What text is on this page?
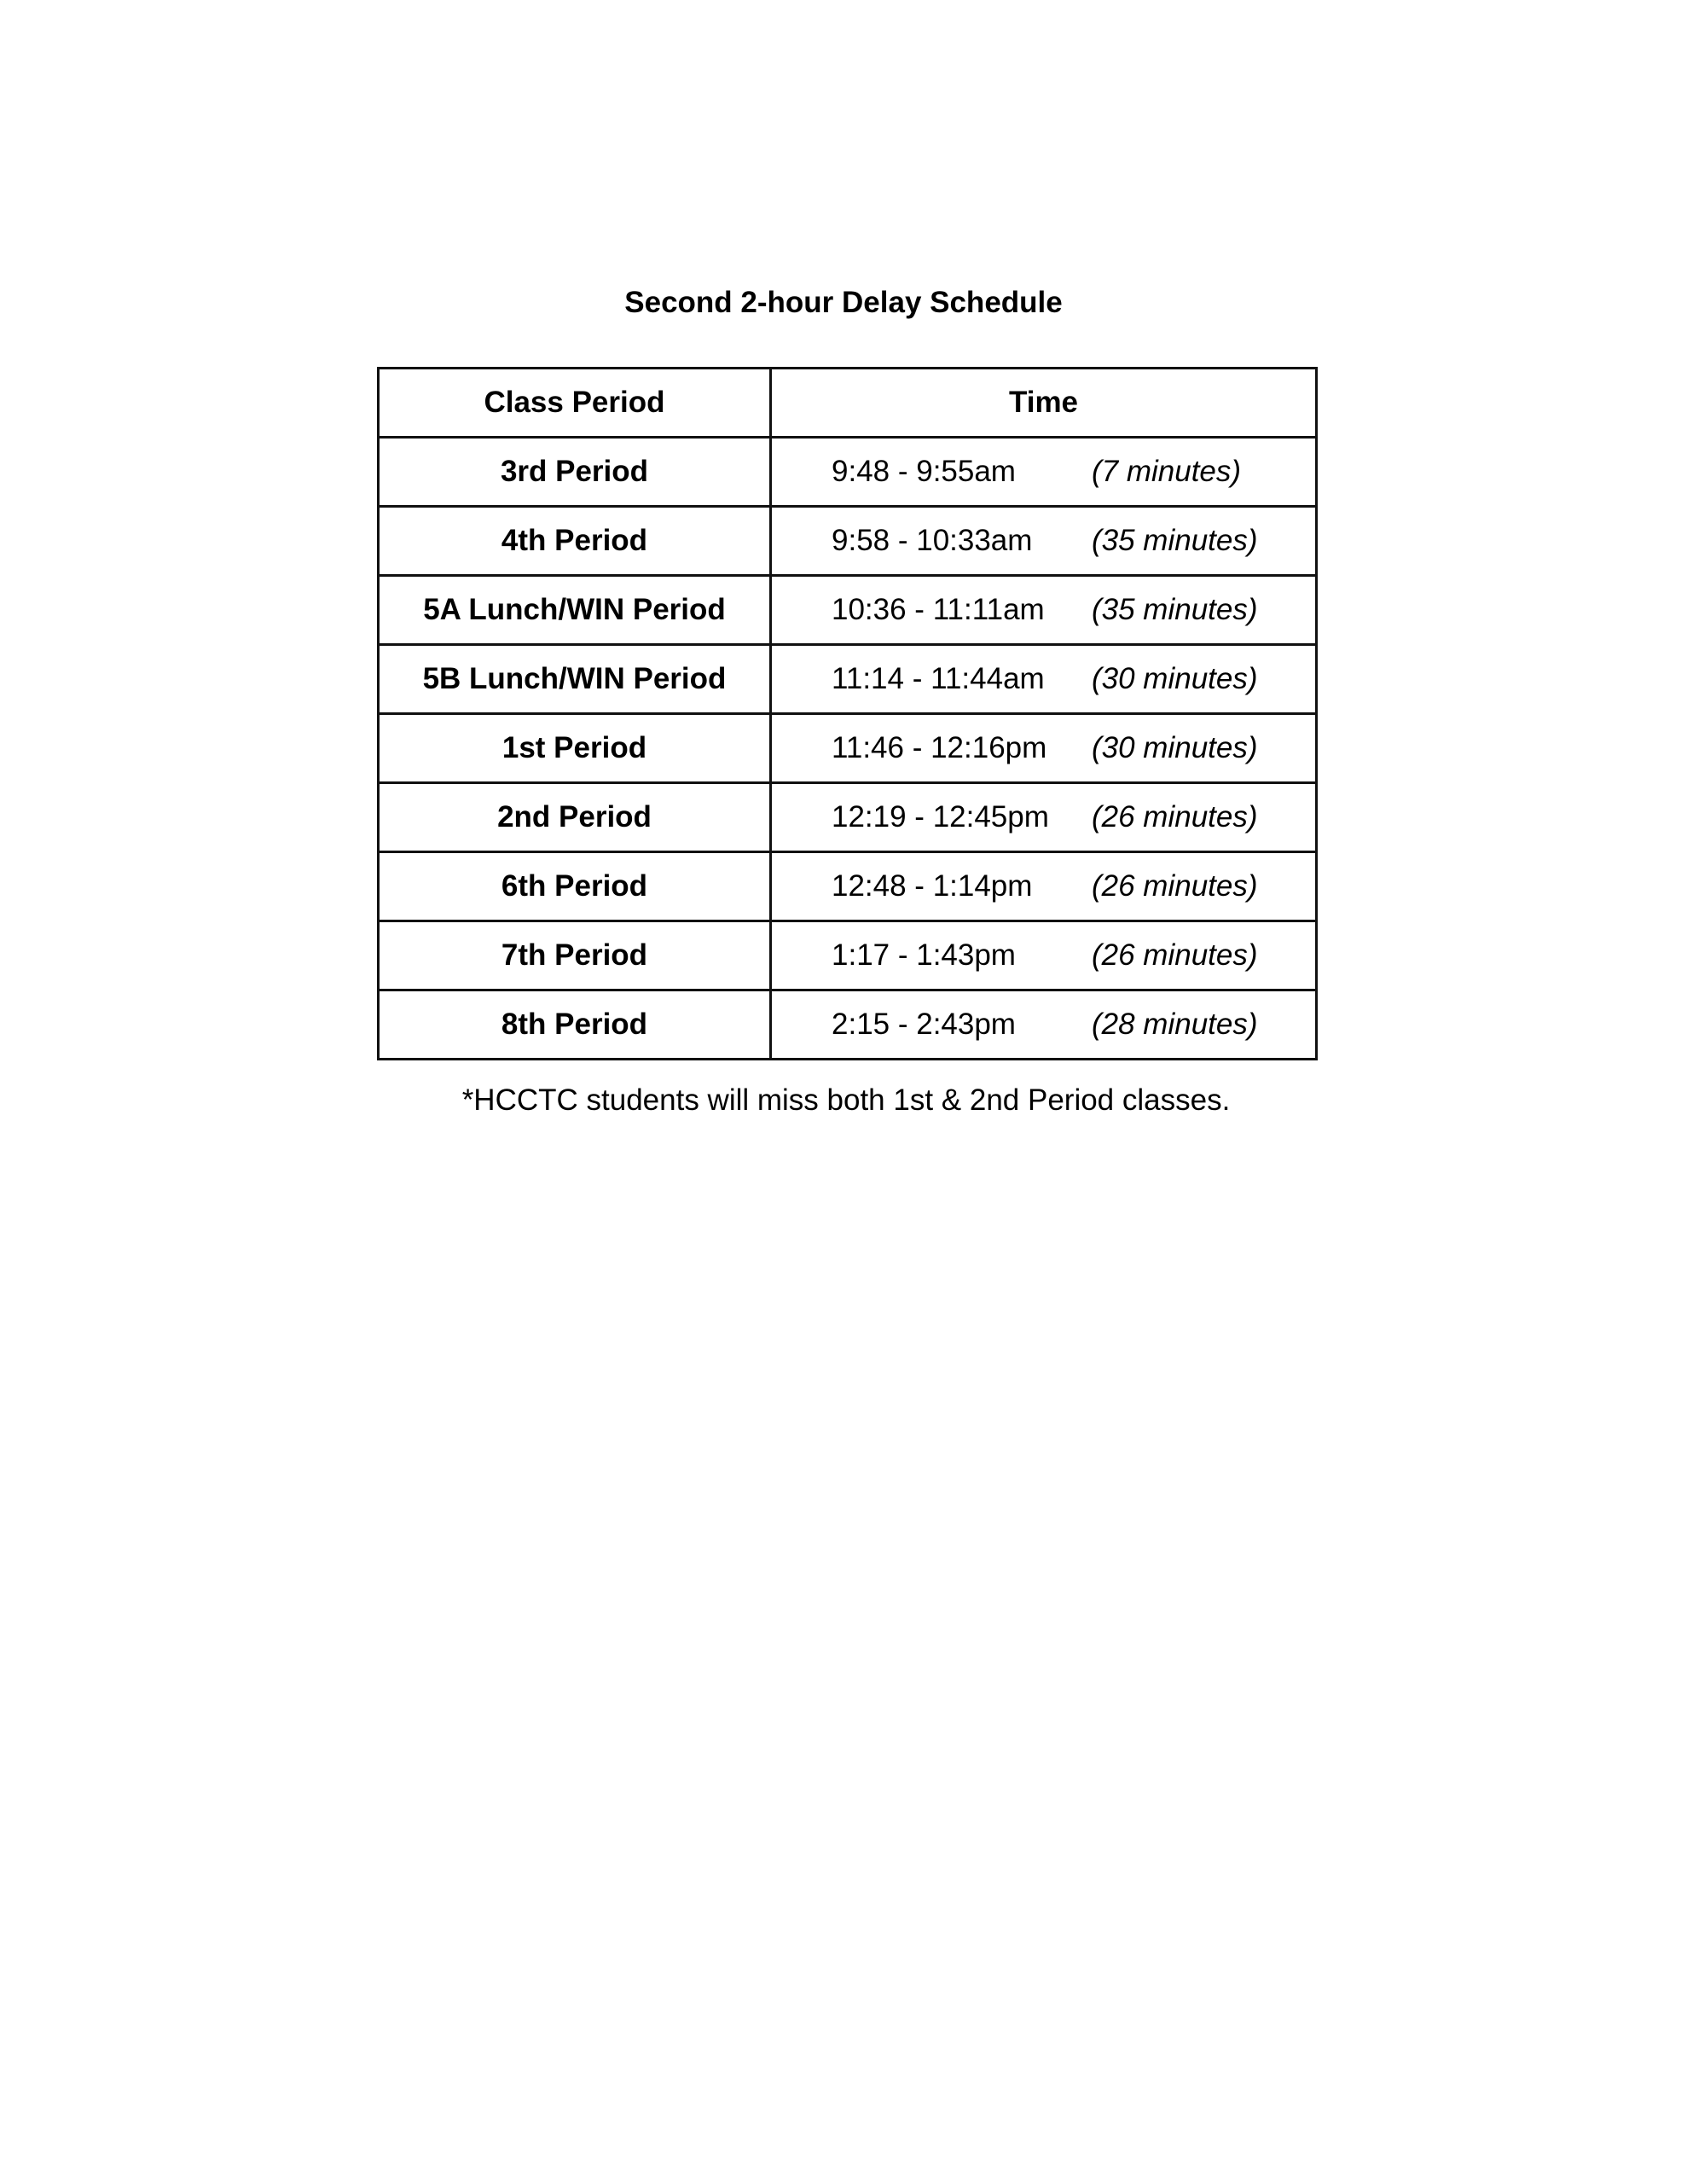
Second 2-hour Delay Schedule
Class Period	Time
3rd Period	9:48 - 9:55am (7 minutes)

4th Period	9:58 - 10:33am (35 minutes)

5A Lunch/WIN Period	10:36 - 11:11am (35 minutes)

5B Lunch/WIN Period	11:14 - 11:44am (30 minutes)

1st Period	11:46 - 12:16pm (30 minutes)

2nd Period	12:19 - 12:45pm (26 minutes)

6th Period	12:48 - 1:14pm (26 minutes)

7th Period	1:17 - 1:43pm (26 minutes)

8th Period	2:15 - 2:43pm (28 minutes)

*HCCTC students will miss both 1st & 2nd Period classes.
